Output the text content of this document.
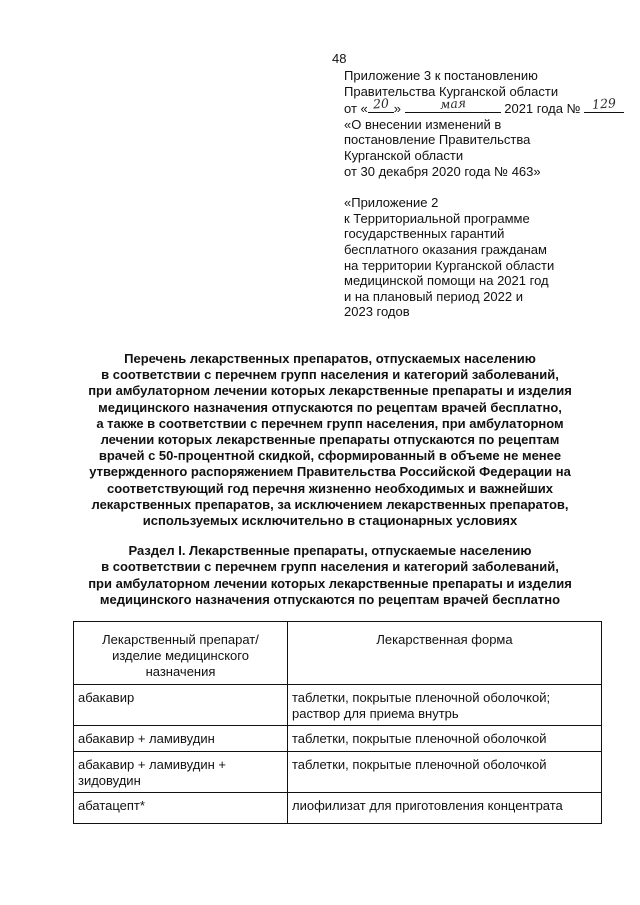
48
Приложение 3 к постановлению
Правительства Курганской области
от « 20 »	мая	2021 года № 129
«О внесении изменений в
постановление Правительства
Курганской области
от 30 декабря 2020 года № 463»
«Приложение 2
к Территориальной программе
государственных гарантий
бесплатного оказания гражданам
на территории Курганской области
медицинской помощи на 2021 год
и на плановый период 2022 и
2023 годов
Перечень лекарственных препаратов, отпускаемых населению
в соответствии с перечнем групп населения и категорий заболеваний,
при амбулаторном лечении которых лекарственные препараты и изделия
медицинского назначения отпускаются по рецептам врачей бесплатно,
а также в соответствии с перечнем групп населения, при амбулаторном
лечении которых лекарственные препараты отпускаются по рецептам
врачей с 50-процентной скидкой, сформированный в объеме не менее
утвержденного распоряжением Правительства Российской Федерации на
соответствующий год перечня жизненно необходимых и важнейших
лекарственных препаратов, за исключением лекарственных препаратов,
используемых исключительно в стационарных условиях
Раздел I. Лекарственные препараты, отпускаемые населению
в соответствии с перечнем групп населения и категорий заболеваний,
при амбулаторном лечении которых лекарственные препараты и изделия
медицинского назначения отпускаются по рецептам врачей бесплатно
Лекарственный препарат/
изделие медицинского
назначения	Лекарственная форма

абакавир	таблетки, покрытые пленочной оболочкой;
раствор для приема внутрь

абакавир + ламивудин	таблетки, покрытые пленочной оболочкой

абакавир + ламивудин +
зидовудин	таблетки, покрытые пленочной оболочкой

абатацепт*	лиофилизат для приготовления концентрата
